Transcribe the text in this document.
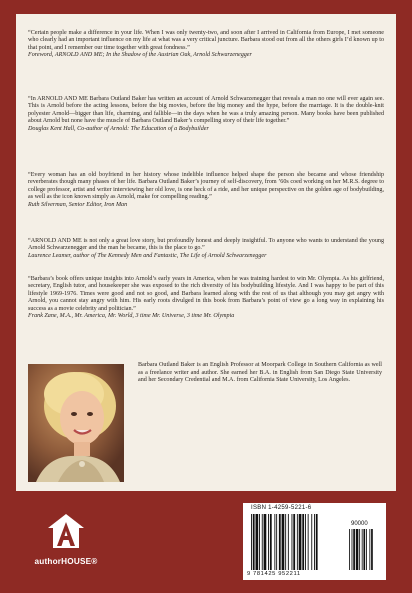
“Certain people make a difference in your life. When I was only twenty-two, and soon after I arrived in California from Europe, I met someone who clearly had an important influence on my life at what was a very critical juncture. Barbara stood out from all the others girls I’d known up to that point, and I remember our time together with great fondness.”

Foreword, ARNOLD AND ME; In the Shadow of the Austrian Oak, Arnold Schwarzenegger

“In ARNOLD AND ME Barbara Outland Baker has written an account of Arnold Schwarzenegger that reveals a man no one will ever again see. This is Arnold before the acting lessons, before the big movies, before the big money and the hype, before the marriage. It is the double-knit polyester Arnold—bigger than life, charming, and fallible—in the days when he was a truly amazing person. Many books have been published about Arnold but none have the muscle of Barbara Outland Baker’s compelling story of their life together.”

Douglas Kent Hall, Co-author of Arnold: The Education of a Bodybuilder

“Every woman has an old boyfriend in her history whose indelible influence helped shape the person she became and whose friendship reverberates though many phases of her life. Barbara Outland Baker’s journey of self-discovery, from ’60s coed working on her M.R.S. degree to college professor, artist and writer interviewing her old love, is one heck of a ride, and her unique perspective on the golden age of bodybuilding, as well as the icon known simply as Arnold, make for compelling reading.”

Ruth Silverman, Senior Editor, Iron Man

“ARNOLD AND ME is not only a great love story, but profoundly honest and deeply insightful. To anyone who wants to understand the young Arnold Schwarzenegger and the man he became, this is the place to go.”

Laurence Leamer, author of The Kennedy Men and Fantastic, The Life of Arnold Schwarzenegger

“Barbara’s book offers unique insights into Arnold’s early years in America, when he was training hardest to win Mr. Olympia. As his girlfriend, secretary, English tutor, and housekeeper she was exposed to the rich diversity of his bodybuilding lifestyle. And I was happy to be part of this lifestyle 1969-1976. Times were good and not so good, and Barbara learned along with the rest of us that although you may get angry with Arnold, you cannot stay angry with him. His early roots divulged in this book from Barbara’s point of view go a long way in explaining his success as a movie celebrity and politician.”

Frank Zane, M.A., Mr. America, Mr. World, 3 time Mr. Universe, 3 time Mr. Olympia
Barbara Outland Baker is an English Professor at Moorpark College in Southern California as well as a freelance writer and author. She earned her B.A. in English from San Diego State University and her Secondary Credential and M.A. from California State University, Los Angeles.
authorHOUSE®
ISBN 1-4259-5221-6
90000
9 781425 952211
